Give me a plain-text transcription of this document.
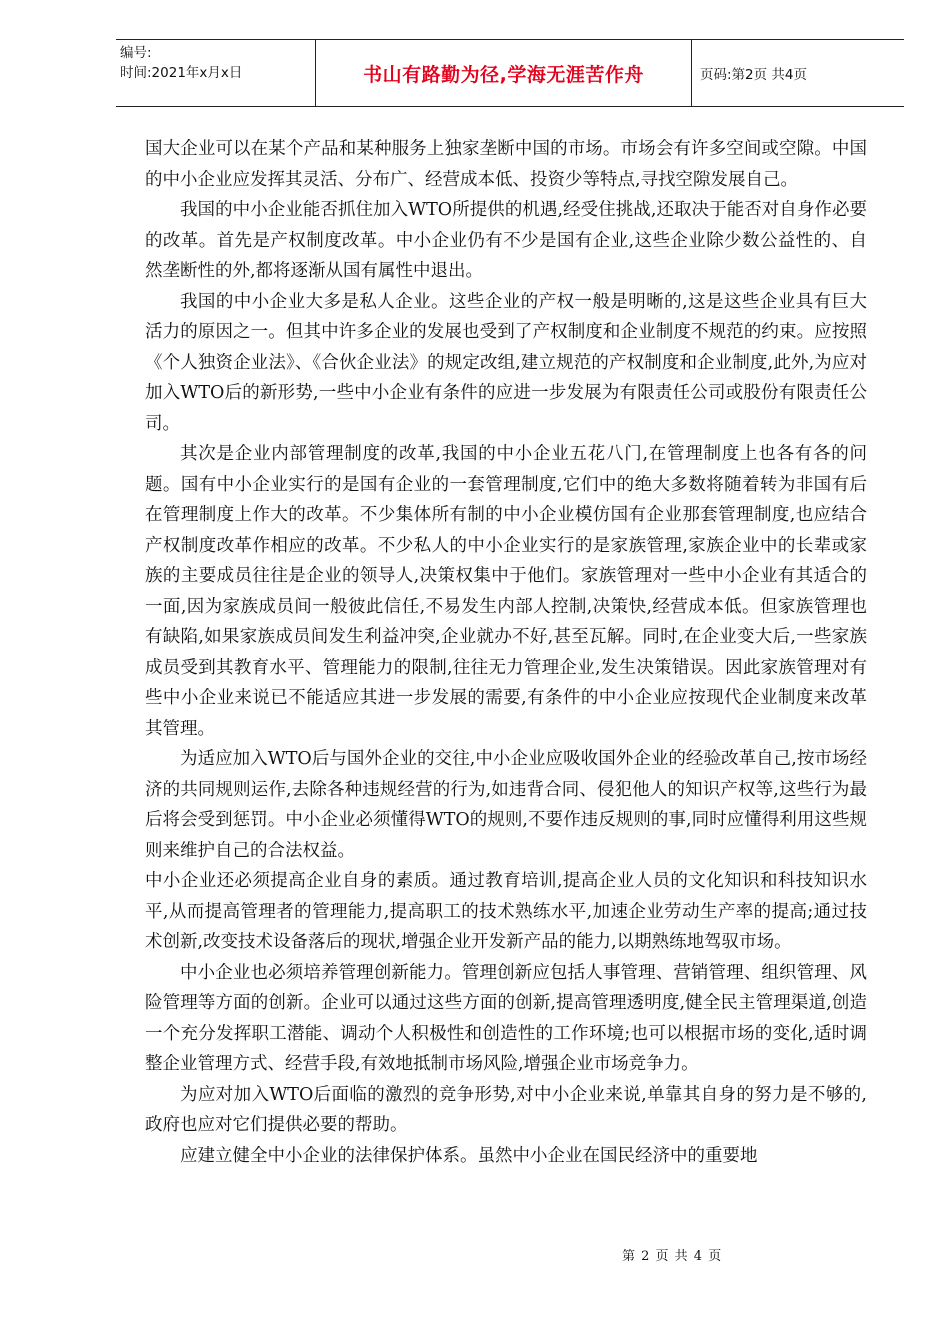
编号:
时间:2021年x月x日	书山有路勤为径,学海无涯苦作舟	页码:第2页 共4页

国大企业可以在某个产品和某种服务上独家垄断中国的市场。市场会有许多空间或空隙。中国的中小企业应发挥其灵活、分布广、经营成本低、投资少等特点,寻找空隙发展自己。

我国的中小企业能否抓住加入WTO所提供的机遇,经受住挑战,还取决于能否对自身作必要的改革。首先是产权制度改革。中小企业仍有不少是国有企业,这些企业除少数公益性的、自然垄断性的外,都将逐渐从国有属性中退出。

我国的中小企业大多是私人企业。这些企业的产权一般是明晰的,这是这些企业具有巨大活力的原因之一。但其中许多企业的发展也受到了产权制度和企业制度不规范的约束。应按照《个人独资企业法》、《合伙企业法》的规定改组,建立规范的产权制度和企业制度,此外,为应对加入WTO后的新形势,一些中小企业有条件的应进一步发展为有限责任公司或股份有限责任公司。

其次是企业内部管理制度的改革,我国的中小企业五花八门,在管理制度上也各有各的问题。国有中小企业实行的是国有企业的一套管理制度,它们中的绝大多数将随着转为非国有后在管理制度上作大的改革。不少集体所有制的中小企业模仿国有企业那套管理制度,也应结合产权制度改革作相应的改革。不少私人的中小企业实行的是家族管理,家族企业中的长辈或家族的主要成员往往是企业的领导人,决策权集中于他们。家族管理对一些中小企业有其适合的一面,因为家族成员间一般彼此信任,不易发生内部人控制,决策快,经营成本低。但家族管理也有缺陷,如果家族成员间发生利益冲突,企业就办不好,甚至瓦解。同时,在企业变大后,一些家族成员受到其教育水平、管理能力的限制,往往无力管理企业,发生决策错误。因此家族管理对有些中小企业来说已不能适应其进一步发展的需要,有条件的中小企业应按现代企业制度来改革其管理。

为适应加入WTO后与国外企业的交往,中小企业应吸收国外企业的经验改革自己,按市场经济的共同规则运作,去除各种违规经营的行为,如违背合同、侵犯他人的知识产权等,这些行为最后将会受到惩罚。中小企业必须懂得WTO的规则,不要作违反规则的事,同时应懂得利用这些规则来维护自己的合法权益。

中小企业还必须提高企业自身的素质。通过教育培训,提高企业人员的文化知识和科技知识水平,从而提高管理者的管理能力,提高职工的技术熟练水平,加速企业劳动生产率的提高;通过技术创新,改变技术设备落后的现状,增强企业开发新产品的能力,以期熟练地驾驭市场。

中小企业也必须培养管理创新能力。管理创新应包括人事管理、营销管理、组织管理、风险管理等方面的创新。企业可以通过这些方面的创新,提高管理透明度,健全民主管理渠道,创造一个充分发挥职工潜能、调动个人积极性和创造性的工作环境;也可以根据市场的变化,适时调整企业管理方式、经营手段,有效地抵制市场风险,增强企业市场竞争力。

为应对加入WTO后面临的激烈的竞争形势,对中小企业来说,单靠其自身的努力是不够的,政府也应对它们提供必要的帮助。

应建立健全中小企业的法律保护体系。虽然中小企业在国民经济中的重要地

第 2 页 共 4 页
